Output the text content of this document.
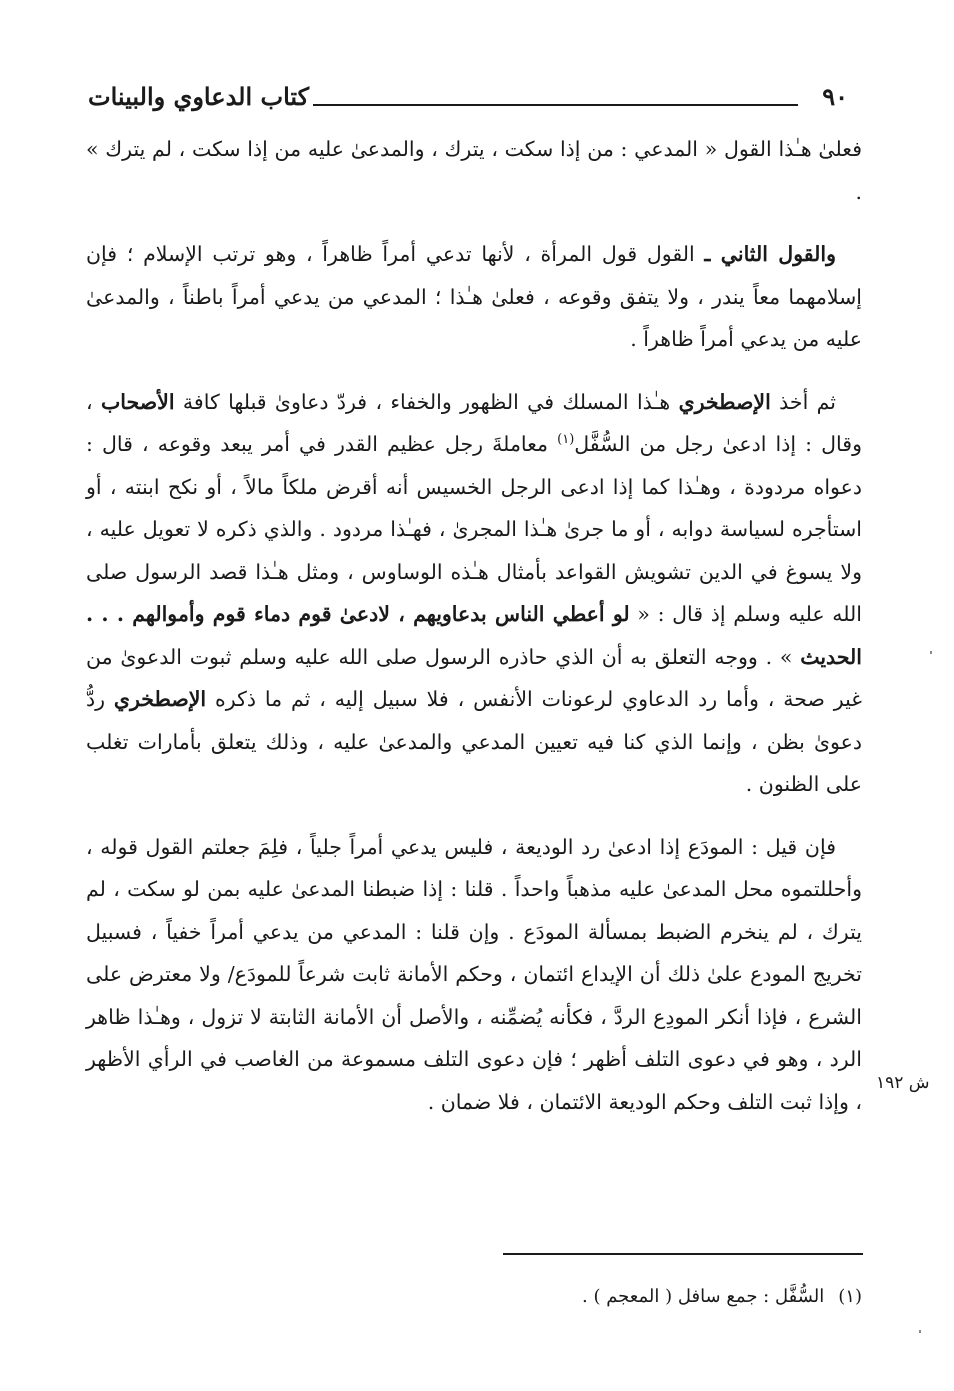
٩٠
كتاب الدعاوي والبينات

فعلىٰ هـٰذا القول « المدعي : من إذا سكت ، يترك ، والمدعىٰ عليه من إذا سكت ، لم يترك » .

والقول الثاني ـ القول قول المرأة ، لأنها تدعي أمراً ظاهراً ، وهو ترتب الإسلام ؛ فإن إسلامهما معاً يندر ، ولا يتفق وقوعه ، فعلىٰ هـٰذا ؛ المدعي من يدعي أمراً باطناً ، والمدعىٰ عليه من يدعي أمراً ظاهراً .

ثم أخذ الإصطخري هـٰذا المسلك في الظهور والخفاء ، فردّ دعاوىٰ قبلها كافة الأصحاب ، وقال : إذا ادعىٰ رجل من السُّفَّل$^{(١)}$ معاملةَ رجل عظيم القدر في أمر يبعد وقوعه ، قال : دعواه مردودة ، وهـٰذا كما إذا ادعى الرجل الخسيس أنه أقرض ملكاً مالاً ، أو نكح ابنته ، أو استأجره لسياسة دوابه ، أو ما جرىٰ هـٰذا المجرىٰ ، فهـٰذا مردود . والذي ذكره لا تعويل عليه ، ولا يسوغ في الدين تشويش القواعد بأمثال هـٰذه الوساوس ، ومثل هـٰذا قصد الرسول صلى الله عليه وسلم إذ قال : « لو أعطي الناس بدعاويهم ، لادعىٰ قوم دماء قوم وأموالهم . . . الحديث » . ووجه التعلق به أن الذي حاذره الرسول صلى الله عليه وسلم ثبوت الدعوىٰ من غير صحة ، وأما رد الدعاوي لرعونات الأنفس ، فلا سبيل إليه ، ثم ما ذكره الإصطخري ردُّ دعوىٰ بظن ، وإنما الذي كنا فيه تعيين المدعي والمدعىٰ عليه ، وذلك يتعلق بأمارات تغلب على الظنون .

فإن قيل : المودَع إذا ادعىٰ رد الوديعة ، فليس يدعي أمراً جلياً ، فلِمَ جعلتم القول قوله ، وأحللتموه محل المدعىٰ عليه مذهباً واحداً . قلنا : إذا ضبطنا المدعىٰ عليه بمن لو سكت ، لم يترك ، لم ينخرم الضبط بمسألة المودَع . وإن قلنا : المدعي من يدعي أمراً خفياً ، فسبيل تخريج المودع علىٰ ذلك أن الإيداع ائتمان ، وحكم الأمانة ثابت شرعاً للمودَع/ ولا معترض على الشرع ، فإذا أنكر المودِع الردَّ ، فكأنه يُضمِّنه ، والأصل أن الأمانة الثابتة لا تزول ، وهـٰذا ظاهر الرد ، وهو في دعوى التلف أظهر ؛ فإن دعوى التلف مسموعة من الغاصب في الرأي الأظهر ، وإذا ثبت التلف وحكم الوديعة الائتمان ، فلا ضمان .

ش ١٩٢
(١)السُّفَّل : جمع سافل ( المعجم ) .
